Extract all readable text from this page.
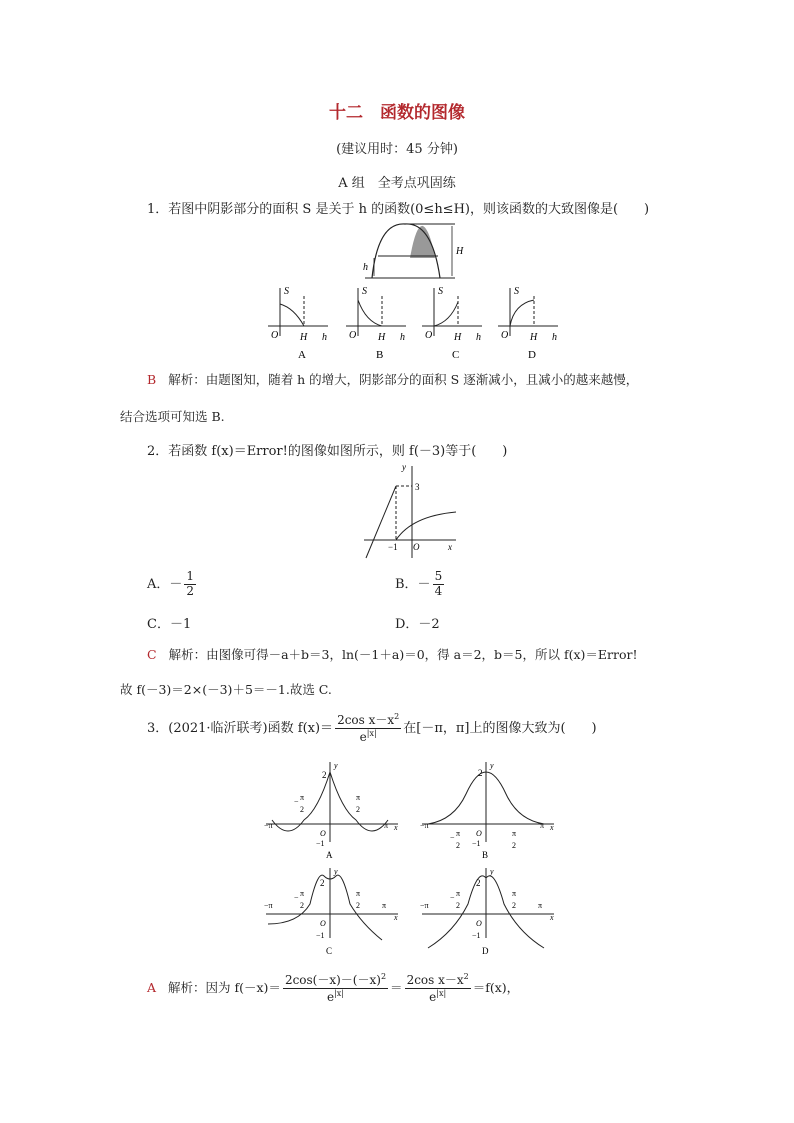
十二　函数的图像
(建议用时：45 分钟)
A 组　全考点巩固练
1．若图中阴影部分的面积 S 是关于 h 的函数(0≤h≤H)，则该函数的大致图像是(　　)
H
h
S
O H h
A
S
O H h
B
S
O H h
C
S
O H h
D
B 解析：由题图知，随着 h 的增大，阴影部分的面积 S 逐渐减小，且减小的越来越慢，
结合选项可知选 B.
2．若函数 f(x)＝Error!的图像如图所示，则 f(－3)等于(　　)
y
x
3
−1 O
A．－ $\frac{1}{2}$	B．－ $\frac{5}{4}$
C．－1	D．－2
C 解析：由图像可得－a＋b＝3，ln(－1＋a)＝0，得 a＝2，b＝5，所以 f(x)＝Error!
故 f(－3)＝2×(－3)＋5＝－1.故选 C.
3．(2021·临沂联考)函数 $f(x)= \frac{2\cos x-x^2}{e^{|x|}}$ 在[－π，π]上的图像大致为(　　)
y
2
x
−π	π
− π
2
π
2
O
−1
A
y
2
x
−π	π
− π
2
π
2
O
−1
B
y
2
x
−π	π
− π
2
π
2
O
−1
C
y
2
x
−π	π
− π
2
π
2
O
−1
D
A 解析：因为 $f(-x)= \frac{2\cos(-x)-(-x)^2}{e^{|x|}} = \frac{2\cos x-x^2}{e^{|x|}} =f(x)$，
